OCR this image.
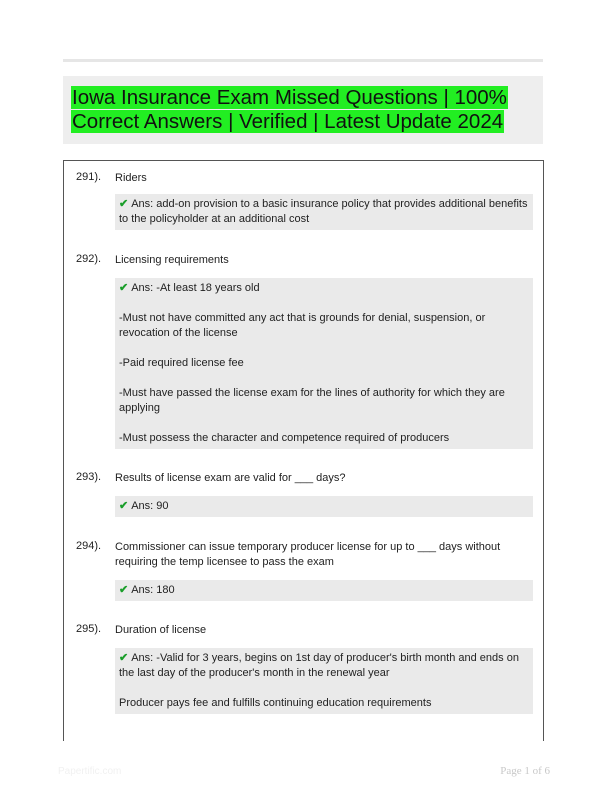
Iowa Insurance Exam Missed Questions | 100%
Correct Answers | Verified | Latest Update 2024
291). Riders

✔ Ans: add-on provision to a basic insurance policy that provides additional benefits to the policyholder at an additional cost

292). Licensing requirements

✔ Ans: -At least 18 years old

-Must not have committed any act that is grounds for denial, suspension, or revocation of the license

-Paid required license fee

-Must have passed the license exam for the lines of authority for which they are applying

-Must possess the character and competence required of producers

293). Results of license exam are valid for ___ days?

✔ Ans: 90

294). Commissioner can issue temporary producer license for up to ___ days without requiring the temp licensee to pass the exam

✔ Ans: 180

295). Duration of license

✔ Ans: -Valid for 3 years, begins on 1st day of producer's birth month and ends on the last day of the producer's month in the renewal year

Producer pays fee and fulfills continuing education requirements

Papertific.com	Page 1 of 6
